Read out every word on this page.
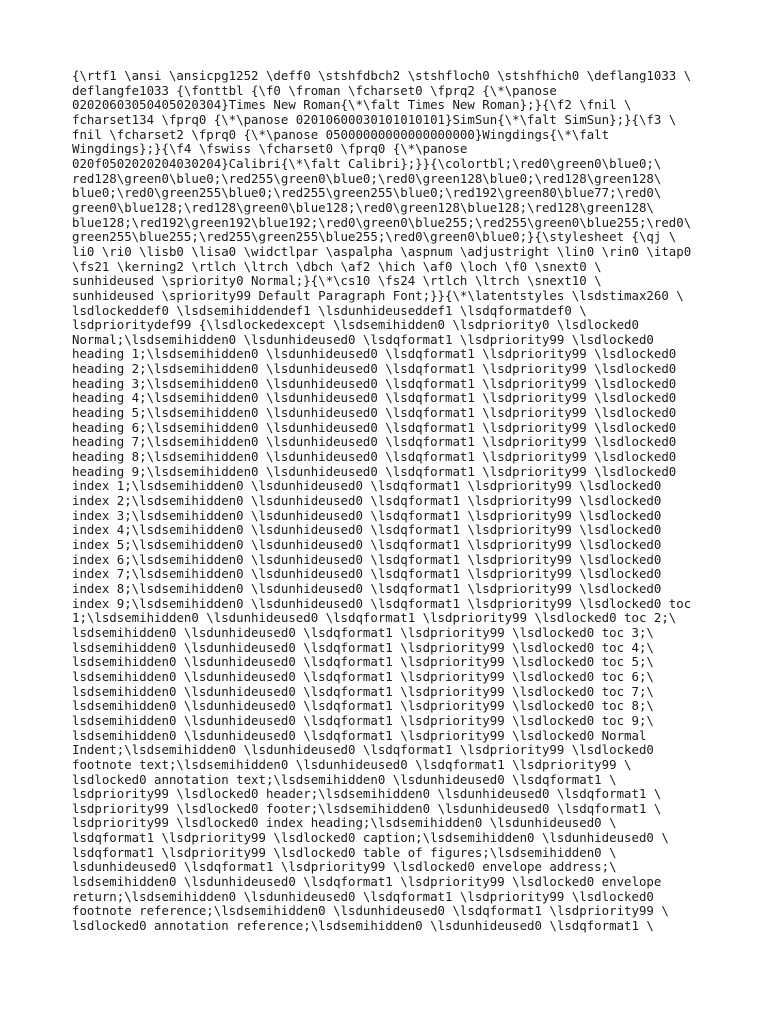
{\rtf1 \ansi \ansicpg1252 \deff0 \stshfdbch2 \stshfloch0 \stshfhich0 \deflang1033 \
deflangfe1033 {\fonttbl {\f0 \froman \fcharset0 \fprq2 {\*\panose
02020603050405020304}Times New Roman{\*\falt Times New Roman};}{\f2 \fnil \
fcharset134 \fprq0 {\*\panose 02010600030101010101}SimSun{\*\falt SimSun};}{\f3 \
fnil \fcharset2 \fprq0 {\*\panose 05000000000000000000}Wingdings{\*\falt
Wingdings};}{\f4 \fswiss \fcharset0 \fprq0 {\*\panose
020f0502020204030204}Calibri{\*\falt Calibri};}}{\colortbl;\red0\green0\blue0;\
red128\green0\blue0;\red255\green0\blue0;\red0\green128\blue0;\red128\green128\
blue0;\red0\green255\blue0;\red255\green255\blue0;\red192\green80\blue77;\red0\
green0\blue128;\red128\green0\blue128;\red0\green128\blue128;\red128\green128\
blue128;\red192\green192\blue192;\red0\green0\blue255;\red255\green0\blue255;\red0\
green255\blue255;\red255\green255\blue255;\red0\green0\blue0;}{\stylesheet {\qj \
li0 \ri0 \lisb0 \lisa0 \widctlpar \aspalpha \aspnum \adjustright \lin0 \rin0 \itap0
\fs21 \kerning2 \rtlch \ltrch \dbch \af2 \hich \af0 \loch \f0 \snext0 \
sunhideused \spriority0 Normal;}{\*\cs10 \fs24 \rtlch \ltrch \snext10 \
sunhideused \spriority99 Default Paragraph Font;}}{\*\latentstyles \lsdstimax260 \
lsdlockeddef0 \lsdsemihiddendef1 \lsdunhideuseddef1 \lsdqformatdef0 \
lsdprioritydef99 {\lsdlockedexcept \lsdsemihidden0 \lsdpriority0 \lsdlocked0
Normal;\lsdsemihidden0 \lsdunhideused0 \lsdqformat1 \lsdpriority99 \lsdlocked0
heading 1;\lsdsemihidden0 \lsdunhideused0 \lsdqformat1 \lsdpriority99 \lsdlocked0
heading 2;\lsdsemihidden0 \lsdunhideused0 \lsdqformat1 \lsdpriority99 \lsdlocked0
heading 3;\lsdsemihidden0 \lsdunhideused0 \lsdqformat1 \lsdpriority99 \lsdlocked0
heading 4;\lsdsemihidden0 \lsdunhideused0 \lsdqformat1 \lsdpriority99 \lsdlocked0
heading 5;\lsdsemihidden0 \lsdunhideused0 \lsdqformat1 \lsdpriority99 \lsdlocked0
heading 6;\lsdsemihidden0 \lsdunhideused0 \lsdqformat1 \lsdpriority99 \lsdlocked0
heading 7;\lsdsemihidden0 \lsdunhideused0 \lsdqformat1 \lsdpriority99 \lsdlocked0
heading 8;\lsdsemihidden0 \lsdunhideused0 \lsdqformat1 \lsdpriority99 \lsdlocked0
heading 9;\lsdsemihidden0 \lsdunhideused0 \lsdqformat1 \lsdpriority99 \lsdlocked0
index 1;\lsdsemihidden0 \lsdunhideused0 \lsdqformat1 \lsdpriority99 \lsdlocked0
index 2;\lsdsemihidden0 \lsdunhideused0 \lsdqformat1 \lsdpriority99 \lsdlocked0
index 3;\lsdsemihidden0 \lsdunhideused0 \lsdqformat1 \lsdpriority99 \lsdlocked0
index 4;\lsdsemihidden0 \lsdunhideused0 \lsdqformat1 \lsdpriority99 \lsdlocked0
index 5;\lsdsemihidden0 \lsdunhideused0 \lsdqformat1 \lsdpriority99 \lsdlocked0
index 6;\lsdsemihidden0 \lsdunhideused0 \lsdqformat1 \lsdpriority99 \lsdlocked0
index 7;\lsdsemihidden0 \lsdunhideused0 \lsdqformat1 \lsdpriority99 \lsdlocked0
index 8;\lsdsemihidden0 \lsdunhideused0 \lsdqformat1 \lsdpriority99 \lsdlocked0
index 9;\lsdsemihidden0 \lsdunhideused0 \lsdqformat1 \lsdpriority99 \lsdlocked0 toc
1;\lsdsemihidden0 \lsdunhideused0 \lsdqformat1 \lsdpriority99 \lsdlocked0 toc 2;\
lsdsemihidden0 \lsdunhideused0 \lsdqformat1 \lsdpriority99 \lsdlocked0 toc 3;\
lsdsemihidden0 \lsdunhideused0 \lsdqformat1 \lsdpriority99 \lsdlocked0 toc 4;\
lsdsemihidden0 \lsdunhideused0 \lsdqformat1 \lsdpriority99 \lsdlocked0 toc 5;\
lsdsemihidden0 \lsdunhideused0 \lsdqformat1 \lsdpriority99 \lsdlocked0 toc 6;\
lsdsemihidden0 \lsdunhideused0 \lsdqformat1 \lsdpriority99 \lsdlocked0 toc 7;\
lsdsemihidden0 \lsdunhideused0 \lsdqformat1 \lsdpriority99 \lsdlocked0 toc 8;\
lsdsemihidden0 \lsdunhideused0 \lsdqformat1 \lsdpriority99 \lsdlocked0 toc 9;\
lsdsemihidden0 \lsdunhideused0 \lsdqformat1 \lsdpriority99 \lsdlocked0 Normal
Indent;\lsdsemihidden0 \lsdunhideused0 \lsdqformat1 \lsdpriority99 \lsdlocked0
footnote text;\lsdsemihidden0 \lsdunhideused0 \lsdqformat1 \lsdpriority99 \
lsdlocked0 annotation text;\lsdsemihidden0 \lsdunhideused0 \lsdqformat1 \
lsdpriority99 \lsdlocked0 header;\lsdsemihidden0 \lsdunhideused0 \lsdqformat1 \
lsdpriority99 \lsdlocked0 footer;\lsdsemihidden0 \lsdunhideused0 \lsdqformat1 \
lsdpriority99 \lsdlocked0 index heading;\lsdsemihidden0 \lsdunhideused0 \
lsdqformat1 \lsdpriority99 \lsdlocked0 caption;\lsdsemihidden0 \lsdunhideused0 \
lsdqformat1 \lsdpriority99 \lsdlocked0 table of figures;\lsdsemihidden0 \
lsdunhideused0 \lsdqformat1 \lsdpriority99 \lsdlocked0 envelope address;\
lsdsemihidden0 \lsdunhideused0 \lsdqformat1 \lsdpriority99 \lsdlocked0 envelope
return;\lsdsemihidden0 \lsdunhideused0 \lsdqformat1 \lsdpriority99 \lsdlocked0
footnote reference;\lsdsemihidden0 \lsdunhideused0 \lsdqformat1 \lsdpriority99 \
lsdlocked0 annotation reference;\lsdsemihidden0 \lsdunhideused0 \lsdqformat1 \
